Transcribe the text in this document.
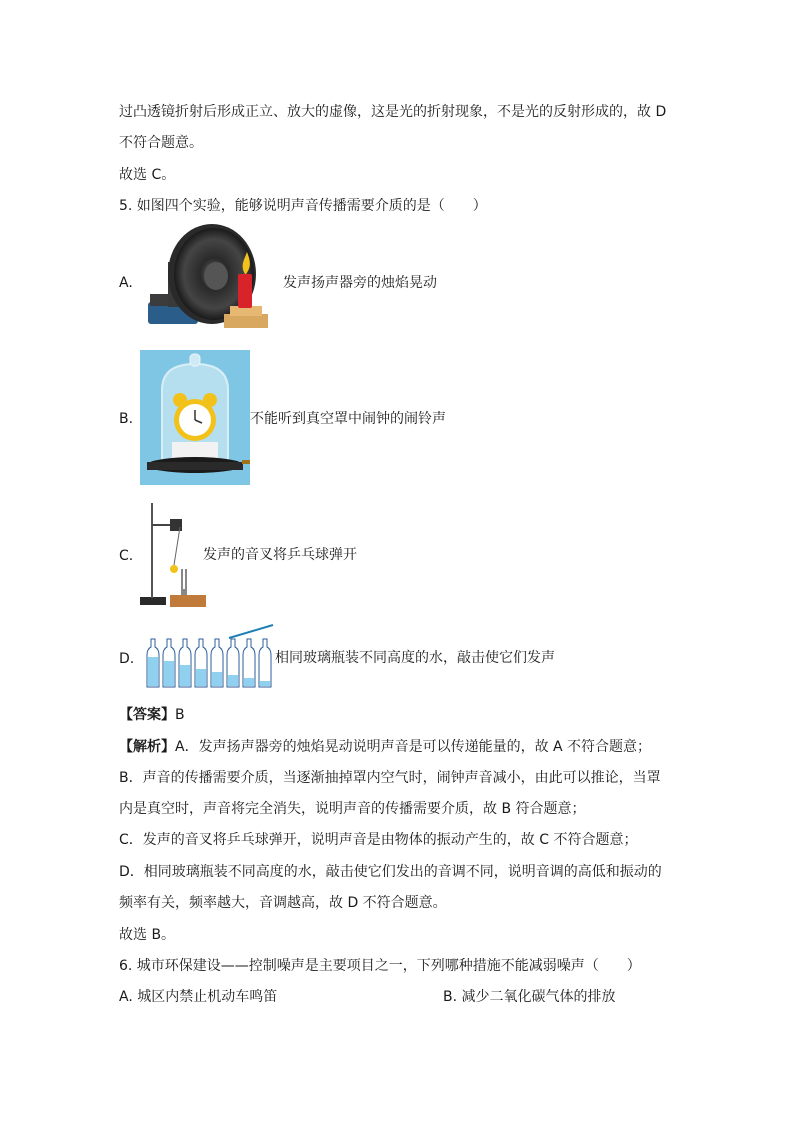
过凸透镜折射后形成正立、放大的虚像，这是光的折射现象，不是光的反射形成的，故 D
不符合题意。
故选 C。
5. 如图四个实验，能够说明声音传播需要介质的是（　　）
A.	发声扬声器旁的烛焰晃动
B.	不能听到真空罩中闹钟的闹铃声
C.	发声的音叉将乒乓球弹开
D.	相同玻璃瓶装不同高度的水，敲击使它们发声
【答案】B
【解析】A．发声扬声器旁的烛焰晃动说明声音是可以传递能量的，故 A 不符合题意；
B．声音的传播需要介质，当逐渐抽掉罩内空气时，闹钟声音减小，由此可以推论，当罩
内是真空时，声音将完全消失，说明声音的传播需要介质，故 B 符合题意；
C．发声的音叉将乒乓球弹开，说明声音是由物体的振动产生的，故 C 不符合题意；
D．相同玻璃瓶装不同高度的水，敲击使它们发出的音调不同，说明音调的高低和振动的
频率有关，频率越大，音调越高，故 D 不符合题意。
故选 B。
6. 城市环保建设——控制噪声是主要项目之一，下列哪种措施不能减弱噪声（　　）
A. 城区内禁止机动车鸣笛	B. 减少二氧化碳气体的排放
